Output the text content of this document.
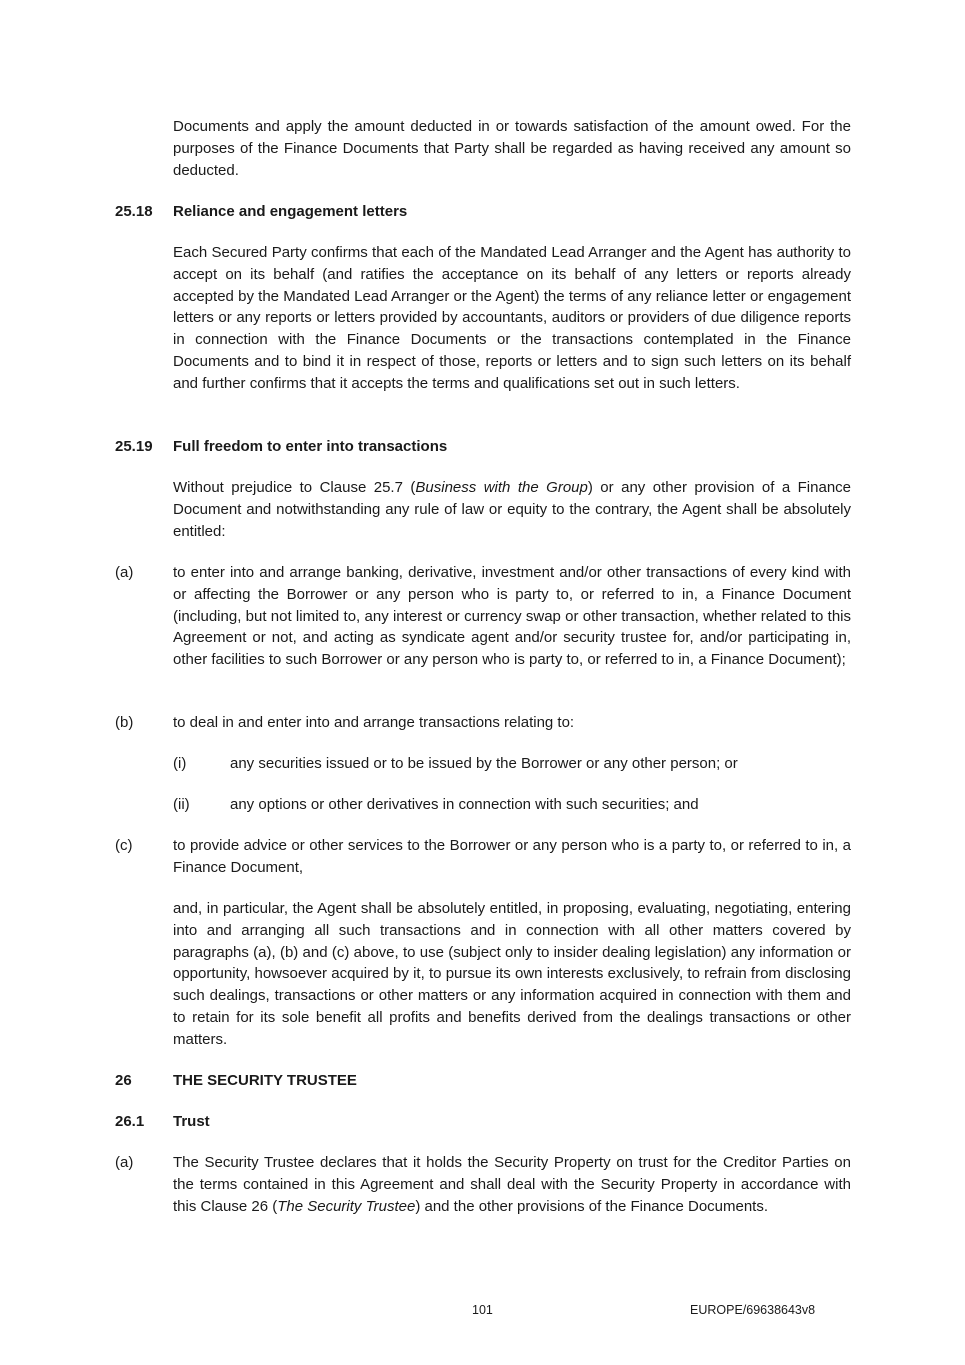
Documents and apply the amount deducted in or towards satisfaction of the amount owed. For the purposes of the Finance Documents that Party shall be regarded as having received any amount so deducted.

25.18 Reliance and engagement letters

Each Secured Party confirms that each of the Mandated Lead Arranger and the Agent has authority to accept on its behalf (and ratifies the acceptance on its behalf of any letters or reports already accepted by the Mandated Lead Arranger or the Agent) the terms of any reliance letter or engagement letters or any reports or letters provided by accountants, auditors or providers of due diligence reports in connection with the Finance Documents or the transactions contemplated in the Finance Documents and to bind it in respect of those, reports or letters and to sign such letters on its behalf and further confirms that it accepts the terms and qualifications set out in such letters.

25.19 Full freedom to enter into transactions

Without prejudice to Clause 25.7 (Business with the Group) or any other provision of a Finance Document and notwithstanding any rule of law or equity to the contrary, the Agent shall be absolutely entitled:

(a)	to enter into and arrange banking, derivative, investment and/or other transactions of every kind with or affecting the Borrower or any person who is party to, or referred to in, a Finance Document (including, but not limited to, any interest or currency swap or other transaction, whether related to this Agreement or not, and acting as syndicate agent and/or security trustee for, and/or participating in, other facilities to such Borrower or any person who is party to, or referred to in, a Finance Document);

(b)	to deal in and enter into and arrange transactions relating to:

(i)	any securities issued or to be issued by the Borrower or any other person; or

(ii)	any options or other derivatives in connection with such securities; and

(c)	to provide advice or other services to the Borrower or any person who is a party to, or referred to in, a Finance Document,

and, in particular, the Agent shall be absolutely entitled, in proposing, evaluating, negotiating, entering into and arranging all such transactions and in connection with all other matters covered by paragraphs (a), (b) and (c) above, to use (subject only to insider dealing legislation) any information or opportunity, howsoever acquired by it, to pursue its own interests exclusively, to refrain from disclosing such dealings, transactions or other matters or any information acquired in connection with them and to retain for its sole benefit all profits and benefits derived from the dealings transactions or other matters.

26	THE SECURITY TRUSTEE
26.1 Trust
(a)	The Security Trustee declares that it holds the Security Property on trust for the Creditor Parties on the terms contained in this Agreement and shall deal with the Security Property in accordance with this Clause 26 (The Security Trustee) and the other provisions of the Finance Documents.

101	EUROPE/69638643v8
